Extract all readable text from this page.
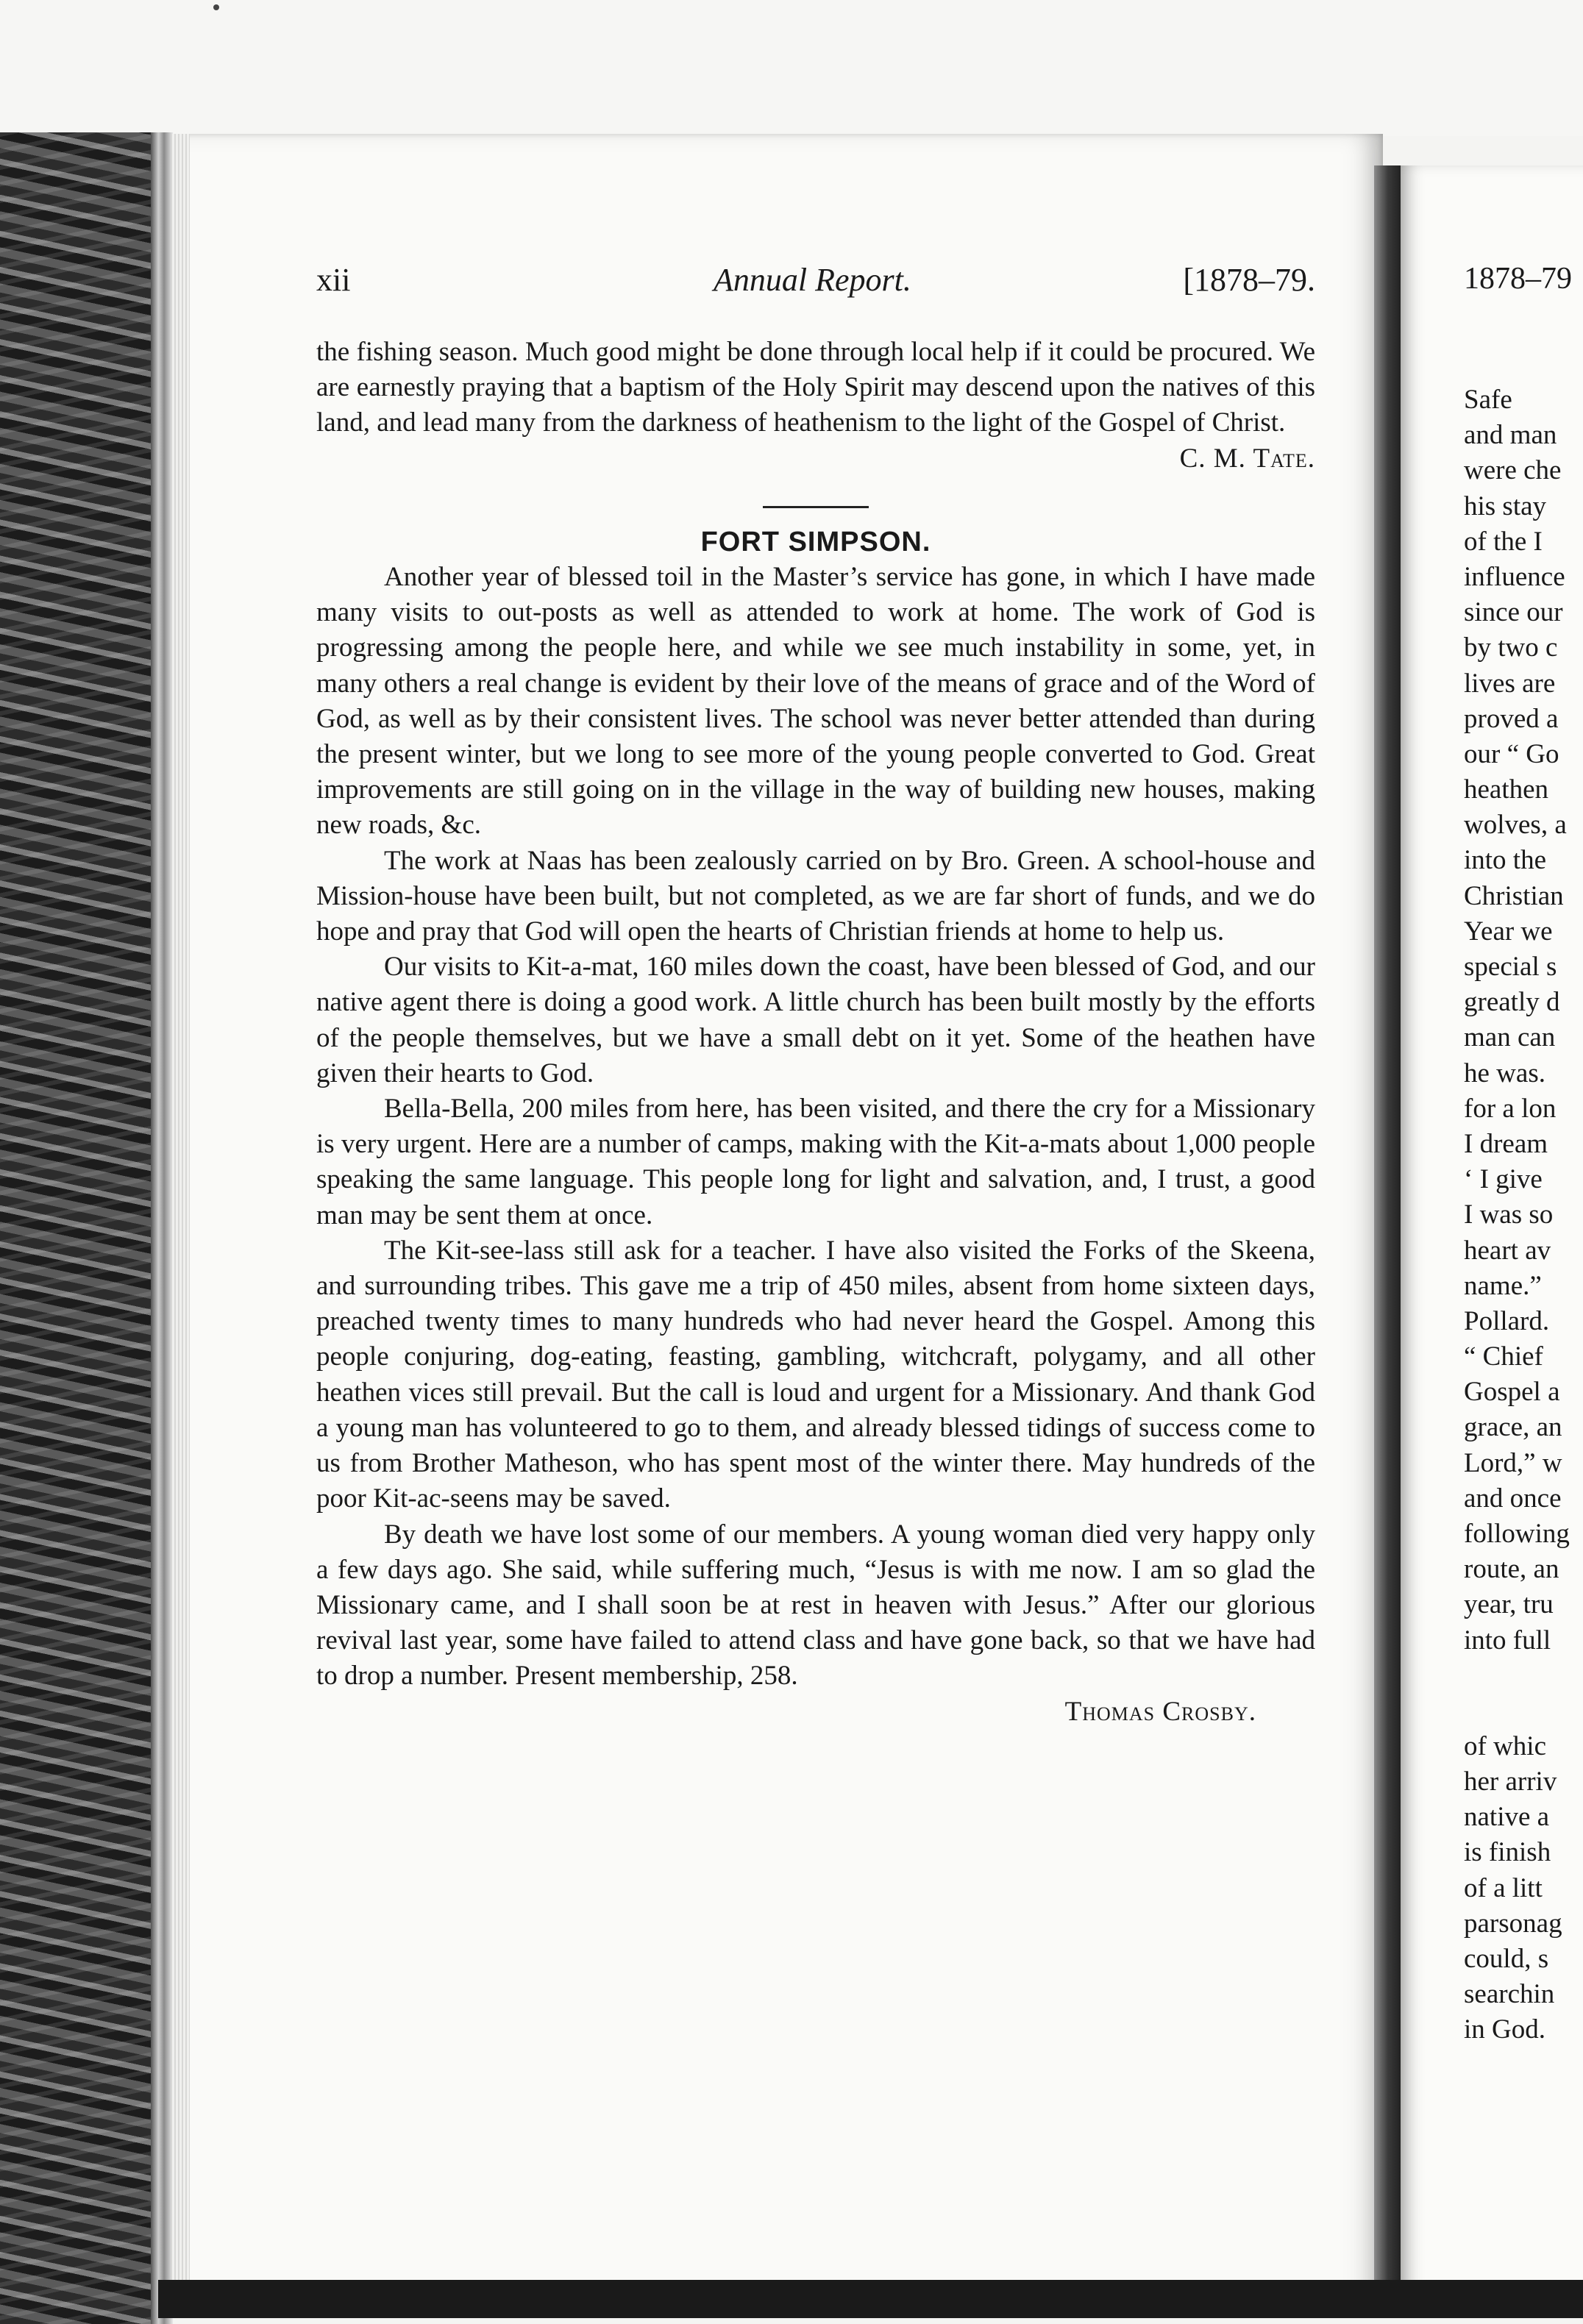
xii	Annual Report.	[1878–79.

the fishing season. Much good might be done through local help if it could be procured. We are earnestly praying that a baptism of the Holy Spirit may descend upon the natives of this land, and lead many from the darkness of heathenism to the light of the Gospel of Christ.

C. M. Tate.

FORT SIMPSON.

Another year of blessed toil in the Master’s service has gone, in which I have made many visits to out-posts as well as attended to work at home. The work of God is progressing among the people here, and while we see much instability in some, yet, in many others a real change is evident by their love of the means of grace and of the Word of God, as well as by their consistent lives. The school was never better attended than during the present winter, but we long to see more of the young people converted to God. Great improvements are still going on in the village in the way of building new houses, making new roads, &c.

The work at Naas has been zealously carried on by Bro. Green. A school-house and Mission-house have been built, but not completed, as we are far short of funds, and we do hope and pray that God will open the hearts of Christian friends at home to help us.

Our visits to Kit-a-mat, 160 miles down the coast, have been blessed of God, and our native agent there is doing a good work. A little church has been built mostly by the efforts of the people themselves, but we have a small debt on it yet. Some of the heathen have given their hearts to God.

Bella-Bella, 200 miles from here, has been visited, and there the cry for a Missionary is very urgent. Here are a number of camps, making with the Kit-a-mats about 1,000 people speaking the same language. This people long for light and salvation, and, I trust, a good man may be sent them at once.

The Kit-see-lass still ask for a teacher. I have also visited the Forks of the Skeena, and surrounding tribes. This gave me a trip of 450 miles, absent from home sixteen days, preached twenty times to many hundreds who had never heard the Gospel. Among this people conjuring, dog-eating, feasting, gambling, witchcraft, polygamy, and all other heathen vices still prevail. But the call is loud and urgent for a Missionary. And thank God a young man has volunteered to go to them, and already blessed tidings of success come to us from Brother Matheson, who has spent most of the winter there. May hundreds of the poor Kit-ac-seens may be saved.

By death we have lost some of our members. A young woman died very happy only a few days ago. She said, while suffering much, “Jesus is with me now. I am so glad the Missionary came, and I shall soon be at rest in heaven with Jesus.” After our glorious revival last year, some have failed to attend class and have gone back, so that we have had to drop a number. Present membership, 258.

Thomas Crosby.

1878–79
Safe
and man
were che
his stay
of the I
influence
since our
by two c
lives are
proved a
our “ Go
heathen
wolves, a
into the
Christian
Year we
special s
greatly d
man can
he was.
for a lon
I dream
‘ I give
I was so
heart av
name.”
Pollard.
“ Chief
Gospel a
grace, an
Lord,” w
and once
following
route, an
year, tru
into full
of whic
her arriv
native a
is finish
of a litt
parsonag
could, s
searchin
in God.
